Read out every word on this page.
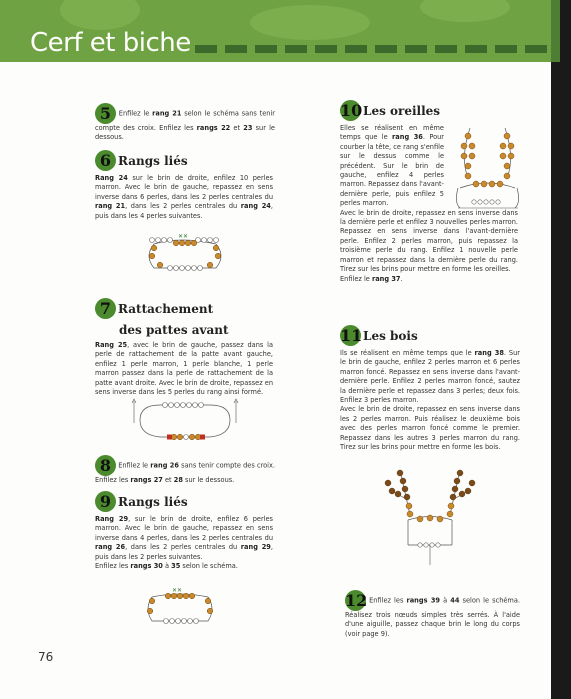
Cerf et biche

5 Enfilez le rang 21 selon le schéma sans tenir compte des croix. Enfilez les rangs 22 et 23 sur le dessous.

6 Rangs liés

Rang 24 sur le brin de droite, enfilez 10 perles marron. Avec le brin de gauche, repassez en sens inverse dans 6 perles, dans les 2 perles centrales du rang 21, dans les 2 perles centrales du rang 24, puis dans les 4 perles suivantes.

✕✕
7 Rattachement
des pattes avant

Rang 25, avec le brin de gauche, passez dans la perle de rattachement de la patte avant gauche, enfilez 1 perle marron, 1 perle blanche, 1 perle marron passez dans la perle de rattachement de la patte avant droite. Avec le brin de droite, repassez en sens inverse dans les 5 perles du rang ainsi formé.

8 Enfilez le rang 26 sans tenir compte des croix. Enfilez les rangs 27 et 28 sur le dessous.

9 Rangs liés

Rang 29, sur le brin de droite, enfilez 6 perles marron. Avec le brin de gauche, repassez en sens inverse dans 4 perles, dans les 2 perles centrales du rang 26, dans les 2 perles centrales du rang 29, puis dans les 2 perles suivantes.
Enfilez les rangs 30 à 35 selon le schéma.

✕✕
10Les oreilles

Elles se réalisent en même temps que le rang 36. Pour courber la tête, ce rang s'enfile sur le dessus comme le précédent. Sur le brin de gauche, enfilez 4 perles marron. Repassez dans l'avant-dernière perle, puis enfilez 5 perles marron.

Avec le brin de droite, repassez en sens inverse dans la dernière perle et enfilez 3 nouvelles perles marron. Repassez en sens inverse dans l'avant-dernière perle. Enfilez 2 perles marron, puis repassez la troisième perle du rang. Enfilez 1 nouvelle perle marron et repassez dans la dernière perle du rang. Tirez sur les brins pour mettre en forme les oreilles.
Enfilez le rang 37.

11Les bois

Ils se réalisent en même temps que le rang 38. Sur le brin de gauche, enfilez 2 perles marron et 6 perles marron foncé. Repassez en sens inverse dans l'avant-dernière perle. Enfilez 2 perles marron foncé, sautez la dernière perle et repassez dans 3 perles; deux fois. Enfilez 3 perles marron.
Avec le brin de droite, repassez en sens inverse dans les 2 perles marron. Puis réalisez le deuxième bois avec des perles marron foncé comme le premier. Repassez dans les autres 3 perles marron du rang. Tirez sur les brins pour mettre en forme les bois.

12 Enfilez les rangs 39 à 44 selon le schéma. Réalisez trois nœuds simples très serrés. À l'aide d'une aiguille, passez chaque brin le long du corps (voir page 9).

76
